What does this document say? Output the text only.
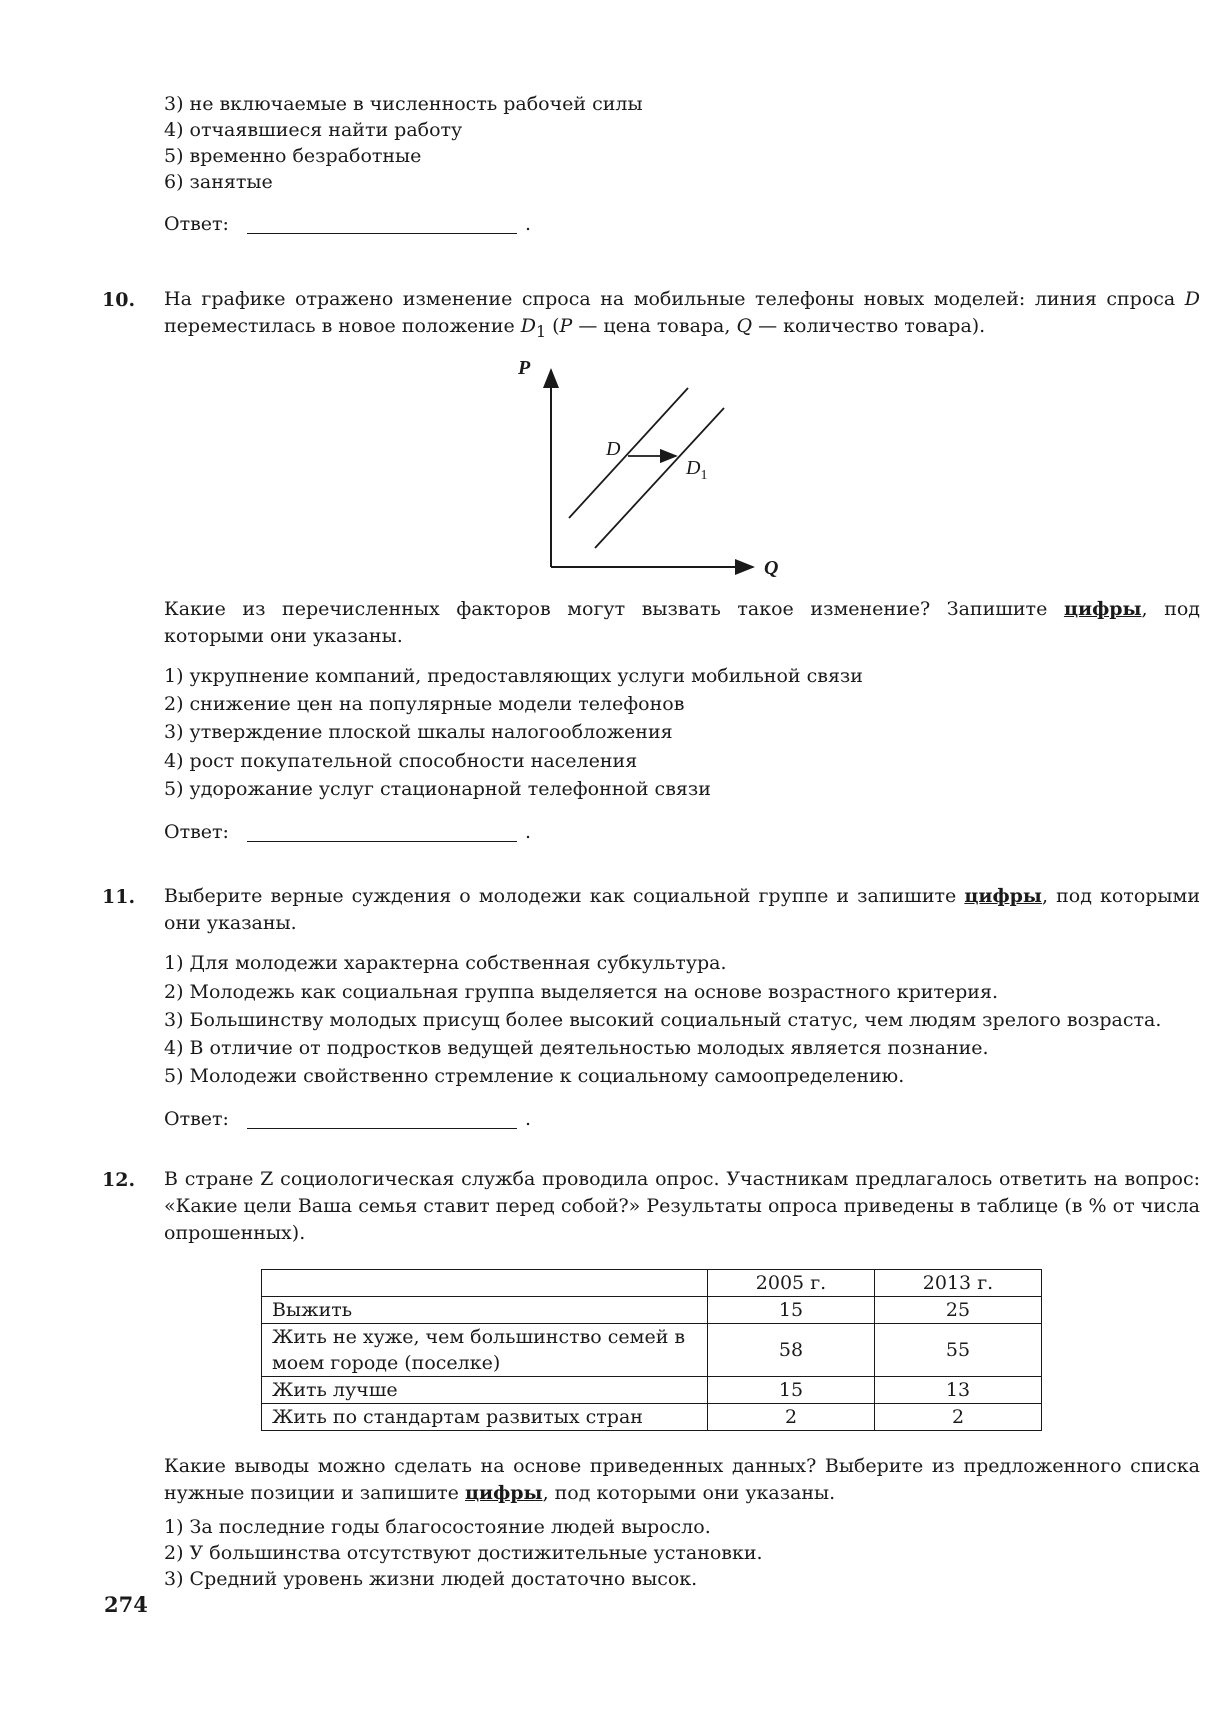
3) не включаемые в численность рабочей силы
4) отчаявшиеся найти работу
5) временно безработные
6) занятые
Ответ:	.
10. На графике отражено изменение спроса на мобильные телефоны новых моделей: линия спроса D переместилась в новое положение $D_1$ (P — цена товара, Q — количество товара).
P
Q
D
$D_1$
Какие из перечисленных факторов могут вызвать такое изменение? Запишите цифры, под которыми они указаны.
1) укрупнение компаний, предоставляющих услуги мобильной связи
2) снижение цен на популярные модели телефонов
3) утверждение плоской шкалы налогообложения
4) рост покупательной способности населения
5) удорожание услуг стационарной телефонной связи
Ответ:	.
11. Выберите верные суждения о молодежи как социальной группе и запишите цифры, под которыми они указаны.
1) Для молодежи характерна собственная субкультура.
2) Молодежь как социальная группа выделяется на основе возрастного критерия.
3) Большинству молодых присущ более высокий социальный статус, чем людям зрелого возраста.
4) В отличие от подростков ведущей деятельностью молодых является познание.
5) Молодежи свойственно стремление к социальному самоопределению.
Ответ:	.
12. В стране Z социологическая служба проводила опрос. Участникам предлагалось ответить на вопрос: «Какие цели Ваша семья ставит перед собой?» Результаты опроса приведены в таблице (в % от числа опрошенных).
	2005 г.	2013 г.
Выжить	15	25
Жить не хуже, чем большинство семей в моем городе (поселке)	58	55
Жить лучше	15	13
Жить по стандартам развитых стран	2	2
Какие выводы можно сделать на основе приведенных данных? Выберите из предложенного списка нужные позиции и запишите цифры, под которыми они указаны.
1) За последние годы благосостояние людей выросло.
2) У большинства отсутствуют достижительные установки.
3) Средний уровень жизни людей достаточно высок.
274
